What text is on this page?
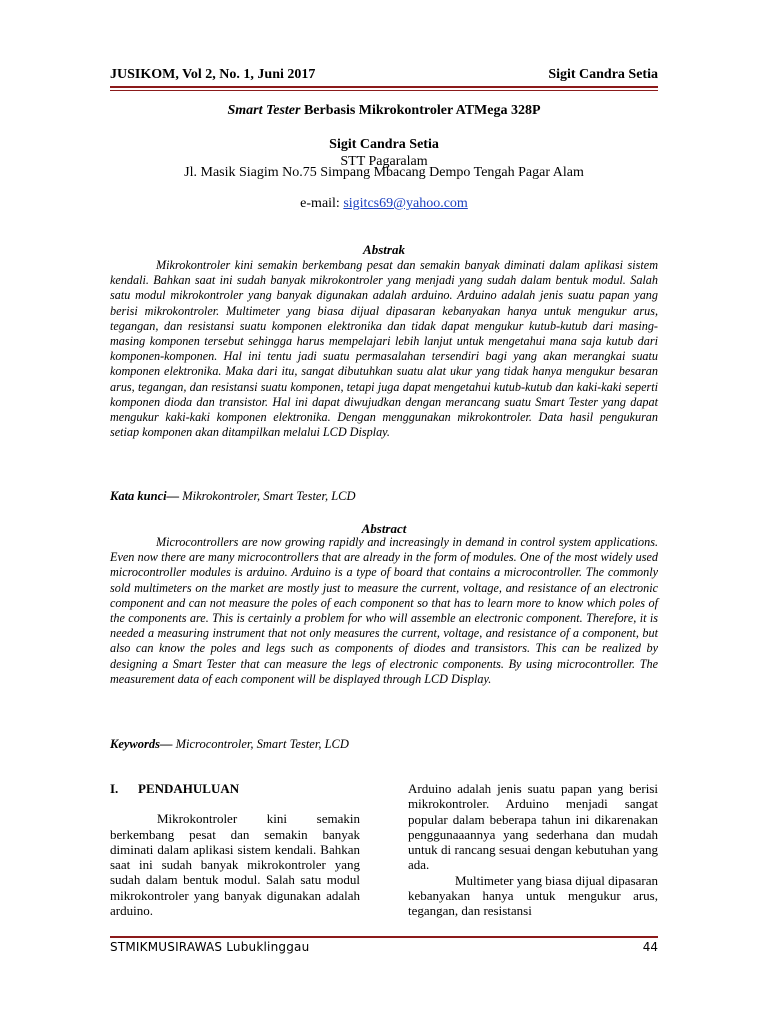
JUSIKOM, Vol 2, No. 1, Juni 2017	Sigit Candra Setia
Smart Tester Berbasis Mikrokontroler ATMega 328P
Sigit Candra Setia
STT Pagaralam
Jl. Masik Siagim No.75 Simpang Mbacang Dempo Tengah Pagar Alam
e-mail: sigitcs69@yahoo.com
Abstrak
Mikrokontroler kini semakin berkembang pesat dan semakin banyak diminati dalam aplikasi sistem kendali. Bahkan saat ini sudah banyak mikrokontroler yang menjadi yang sudah dalam bentuk modul. Salah satu modul mikrokontroler yang banyak digunakan adalah arduino. Arduino adalah jenis suatu papan yang berisi mikrokontroler. Multimeter yang biasa dijual dipasaran kebanyakan hanya untuk mengukur arus, tegangan, dan resistansi suatu komponen elektronika dan tidak dapat mengukur kutub-kutub dari masing-masing komponen tersebut sehingga harus mempelajari lebih lanjut untuk mengetahui mana saja kutub dari komponen-komponen. Hal ini tentu jadi suatu permasalahan tersendiri bagi yang akan merangkai suatu komponen elektronika. Maka dari itu, sangat dibutuhkan suatu alat ukur yang tidak hanya mengukur besaran arus, tegangan, dan resistansi suatu komponen, tetapi juga dapat mengetahui kutub-kutub dan kaki-kaki seperti komponen dioda dan transistor. Hal ini dapat diwujudkan dengan merancang suatu Smart Tester yang dapat mengukur kaki-kaki komponen elektronika. Dengan menggunakan mikrokontroler. Data hasil pengukuran setiap komponen akan ditampilkan melalui LCD Display.
Kata kunci— Mikrokontroler, Smart Tester, LCD
Abstract
Microcontrollers are now growing rapidly and increasingly in demand in control system applications. Even now there are many microcontrollers that are already in the form of modules. One of the most widely used microcontroller modules is arduino. Arduino is a type of board that contains a microcontroller. The commonly sold multimeters on the market are mostly just to measure the current, voltage, and resistance of an electronic component and can not measure the poles of each component so that has to learn more to know which poles of the components are. This is certainly a problem for who will assemble an electronic component. Therefore, it is needed a measuring instrument that not only measures the current, voltage, and resistance of a component, but also can know the poles and legs such as components of diodes and transistors. This can be realized by designing a Smart Tester that can measure the legs of electronic components. By using microcontroller. The measurement data of each component will be displayed through LCD Display.
Keywords— Microcontroler, Smart Tester, LCD
I. PENDAHULUAN
Mikrokontroler kini semakin berkembang pesat dan semakin banyak diminati dalam aplikasi sistem kendali. Bahkan saat ini sudah banyak mikrokontroler yang sudah dalam bentuk modul. Salah satu modul mikrokontroler yang banyak digunakan adalah arduino.
Arduino adalah jenis suatu papan yang berisi mikrokontroler. Arduino menjadi sangat popular dalam beberapa tahun ini dikarenakan penggunaaannya yang sederhana dan mudah untuk di rancang sesuai dengan kebutuhan yang ada.
Multimeter yang biasa dijual dipasaran kebanyakan hanya untuk mengukur arus, tegangan, dan resistansi
STMIKMUSIRAWAS Lubuklinggau	44
